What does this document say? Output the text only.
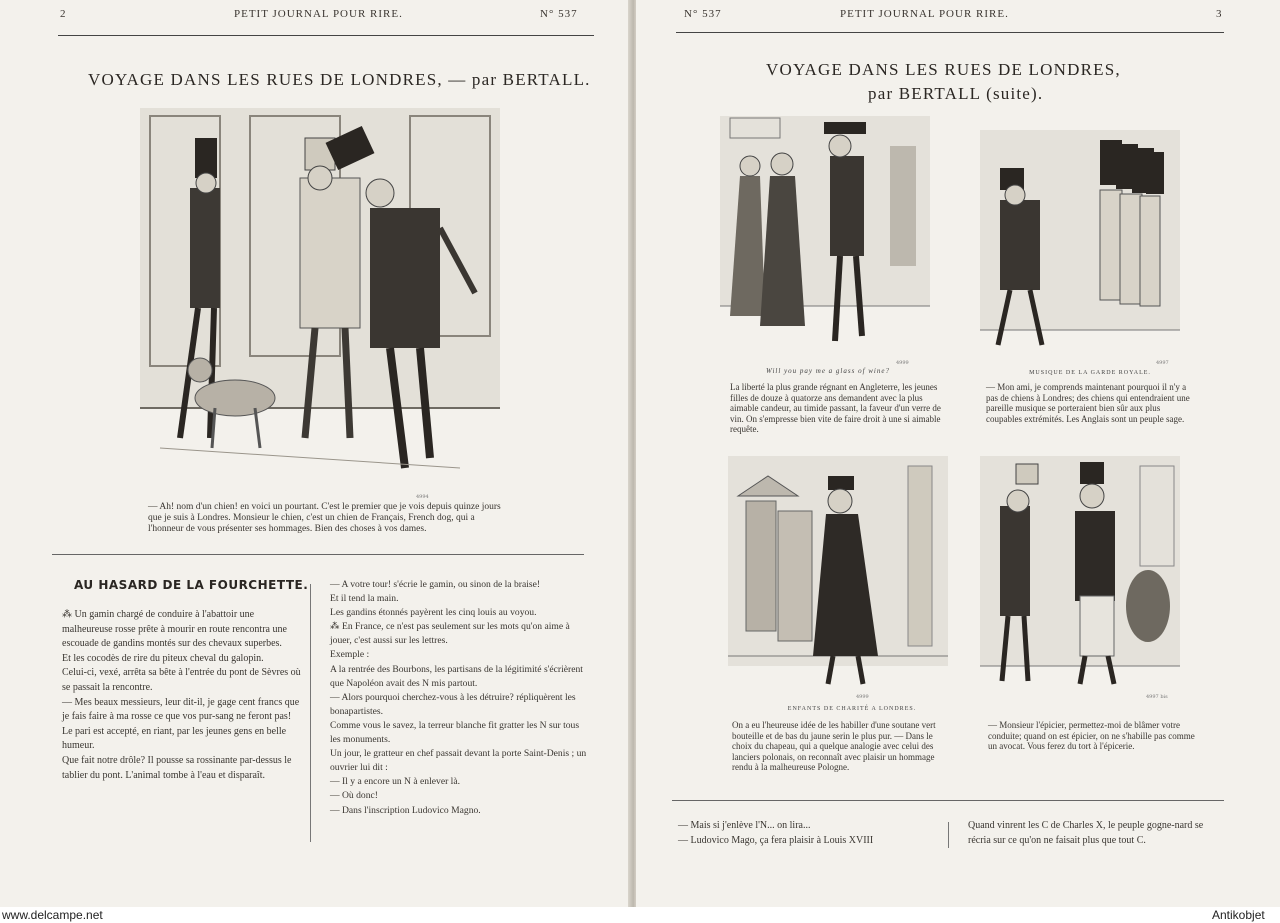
2	PETIT JOURNAL POUR RIRE.	N° 537
VOYAGE DANS LES RUES DE LONDRES, — par BERTALL.
4994
— Ah! nom d'un chien! en voici un pourtant. C'est le premier que je vois depuis quinze jours que je suis à Londres. Monsieur le chien, c'est un chien de Français, French dog, qui a l'honneur de vous présenter ses hommages. Bien des choses à vos dames.
AU HASARD DE LA FOURCHETTE.

⁂ Un gamin chargé de conduire à l'abattoir une malheureuse rosse prête à mourir en route rencontra une escouade de gandins montés sur des chevaux superbes.

Et les cocodès de rire du piteux cheval du galopin.

Celui-ci, vexé, arrêta sa bête à l'entrée du pont de Sèvres où se passait la rencontre.

— Mes beaux messieurs, leur dit-il, je gage cent francs que je fais faire à ma rosse ce que vos pur-sang ne feront pas!

Le pari est accepté, en riant, par les jeunes gens en belle humeur.

Que fait notre drôle? Il pousse sa rossinante par-dessus le tablier du pont. L'animal tombe à l'eau et disparaît.

— A votre tour! s'écrie le gamin, ou sinon de la braise!

Et il tend la main.

Les gandins étonnés payèrent les cinq louis au voyou.

⁂ En France, ce n'est pas seulement sur les mots qu'on aime à jouer, c'est aussi sur les lettres.

Exemple :

A la rentrée des Bourbons, les partisans de la légitimité s'écrièrent que Napoléon avait des N mis partout.

— Alors pourquoi cherchez-vous à les détruire? répliquèrent les bonapartistes.

Comme vous le savez, la terreur blanche fit gratter les N sur tous les monuments.

Un jour, le gratteur en chef passait devant la porte Saint-Denis ; un ouvrier lui dit :

— Il y a encore un N à enlever là.

— Où donc!

— Dans l'inscription Ludovico Magno.

N° 537	PETIT JOURNAL POUR RIRE.	3
VOYAGE DANS LES RUES DE LONDRES,
par BERTALL (suite).
4999
Will you pay me a glass of wine?
La liberté la plus grande régnant en Angleterre, les jeunes filles de douze à quatorze ans demandent avec la plus aimable candeur, au timide passant, la faveur d'un verre de vin. On s'empresse bien vite de faire droit à une si aimable requête.
4997
MUSIQUE DE LA GARDE ROYALE.
— Mon ami, je comprends maintenant pourquoi il n'y a pas de chiens à Londres; des chiens qui entendraient une pareille musique se porteraient bien sûr aux plus coupables extrémités. Les Anglais sont un peuple sage.
4999
ENFANTS DE CHARITÉ A LONDRES.
On a eu l'heureuse idée de les habiller d'une soutane vert bouteille et de bas du jaune serin le plus pur. — Dans le choix du chapeau, qui a quelque analogie avec celui des lanciers polonais, on reconnaît avec plaisir un hommage rendu à la malheureuse Pologne.
4997 bis
— Monsieur l'épicier, permettez-moi de blâmer votre conduite; quand on est épicier, on ne s'habille pas comme un avocat. Vous ferez du tort à l'épicerie.

— Mais si j'enlève l'N... on lira...

— Ludovico Mago, ça fera plaisir à Louis XVIII

Quand vinrent les C de Charles X, le peuple gogne-nard se récria sur ce qu'on ne faisait plus que tout C.
www.delcampe.net	Antikobjet
